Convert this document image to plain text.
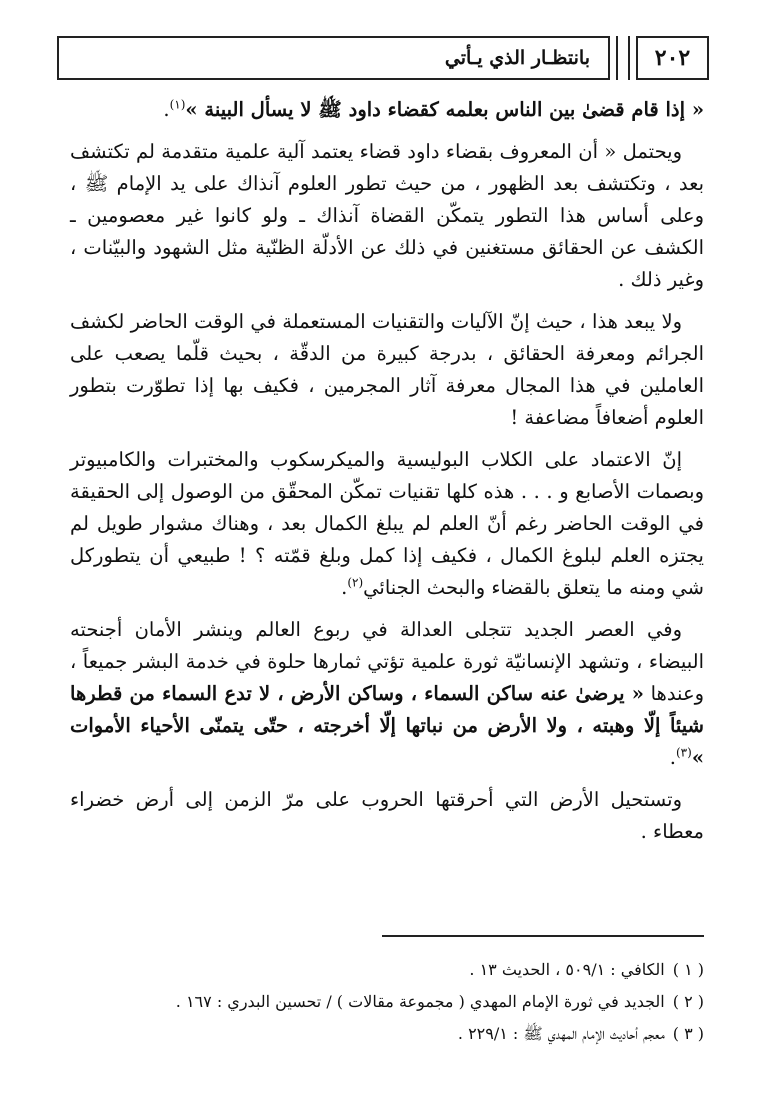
٢٠٢
بانتظـار الذي يـأتي

« إذا قام قضىٰ بين الناس بعلمه كقضاء داود ﷺ لا يسأل البينة »$^{(١)}$.

ويحتمل « أن المعروف بقضاء داود قضاء يعتمد آلية علمية متقدمة لم تكتشف بعد ، وتكتشف بعد الظهور ، من حيث تطور العلوم آنذاك على يد الإمام ﷺ ، وعلى أساس هذا التطور يتمكّن القضاة آنذاك ـ ولو كانوا غير معصومين ـ الكشف عن الحقائق مستغنين في ذلك عن الأدلّة الظنّية مثل الشهود والبيّنات ، وغير ذلك .

ولا يبعد هذا ، حيث إنّ الآليات والتقنيات المستعملة في الوقت الحاضر لكشف الجرائم ومعرفة الحقائق ، بدرجة كبيرة من الدقّة ، بحيث قلّما يصعب على العاملين في هذا المجال معرفة آثار المجرمين ، فكيف بها إذا تطوّرت بتطور العلوم أضعافاً مضاعفة !

إنّ الاعتماد على الكلاب البوليسية والميكرسكوب والمختبرات والكامبيوتر وبصمات الأصابع و . . . هذه كلها تقنيات تمكّن المحقّق من الوصول إلى الحقيقة في الوقت الحاضر رغم أنّ العلم لم يبلغ الكمال بعد ، وهناك مشوار طويل لم يجتزه العلم لبلوغ الكمال ، فكيف إذا كمل وبلغ قمّته ؟ ! طبيعي أن يتطوركل شي ومنه ما يتعلق بالقضاء والبحث الجنائي$^{(٢)}$.

وفي العصر الجديد تتجلى العدالة في ربوع العالم وينشر الأمان أجنحته البيضاء ، وتشهد الإنسانيّة ثورة علمية تؤتي ثمارها حلوة في خدمة البشر جميعاً ، وعندها « يرضىٰ عنه ساكن السماء ، وساكن الأرض ، لا تدع السماء من قطرها شيئاً إلّا وهبته ، ولا الأرض من نباتها إلّا أخرجته ، حتّى يتمنّى الأحياء الأموات »$^{(٣)}$.

وتستحيل الأرض التي أحرقتها الحروب على مرّ الزمن إلى أرض خضراء معطاء .

( ١ )
الكافي : ٥٠٩/١ ، الحديث ١٣ .
( ٢ )
الجديد في ثورة الإمام المهدي ( مجموعة مقالات ) / تحسين البدري : ١٦٧ .
( ٣ )
معجم أحاديث الإمام المهدي ﷺ : ٢٢٩/١ .
